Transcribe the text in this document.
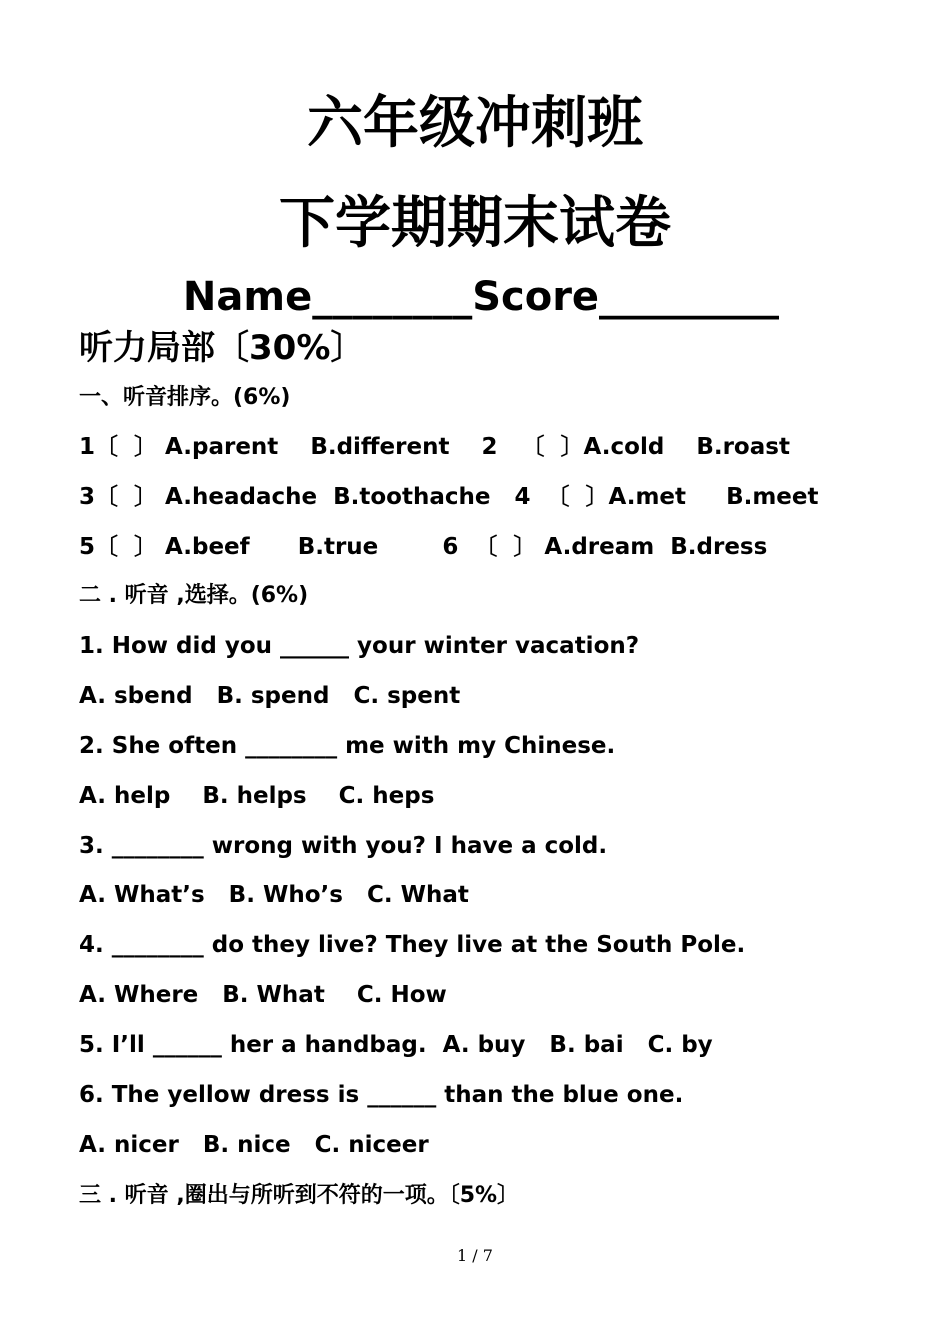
六年级冲刺班
下学期期末试卷
Name________Score_________
听力局部〔30%〕
一、听音排序。(6%)
1〔  〕 A.parent    B.different    2   〔  〕A.cold    B.roast
3〔  〕 A.headache  B.toothache   4  〔  〕A.met     B.meet
5〔  〕 A.beef      B.true        6  〔  〕 A.dream  B.dress
二 . 听音 ,选择。(6%)
1. How did you ______ your winter vacation?
A. sbend   B. spend   C. spent
2. She often ________ me with my Chinese.
A. help    B. helps    C. heps
3. ________ wrong with you? I have a cold.
A. What’s   B. Who’s   C. What
4. ________ do they live? They live at the South Pole.
A. Where   B. What    C. How
5. I’ll ______ her a handbag.  A. buy   B. bai   C. by
6. The yellow dress is ______ than the blue one.
A. nicer   B. nice   C. niceer
三 . 听音 ,圈出与所听到不符的一项。〔5%〕
1 / 7
